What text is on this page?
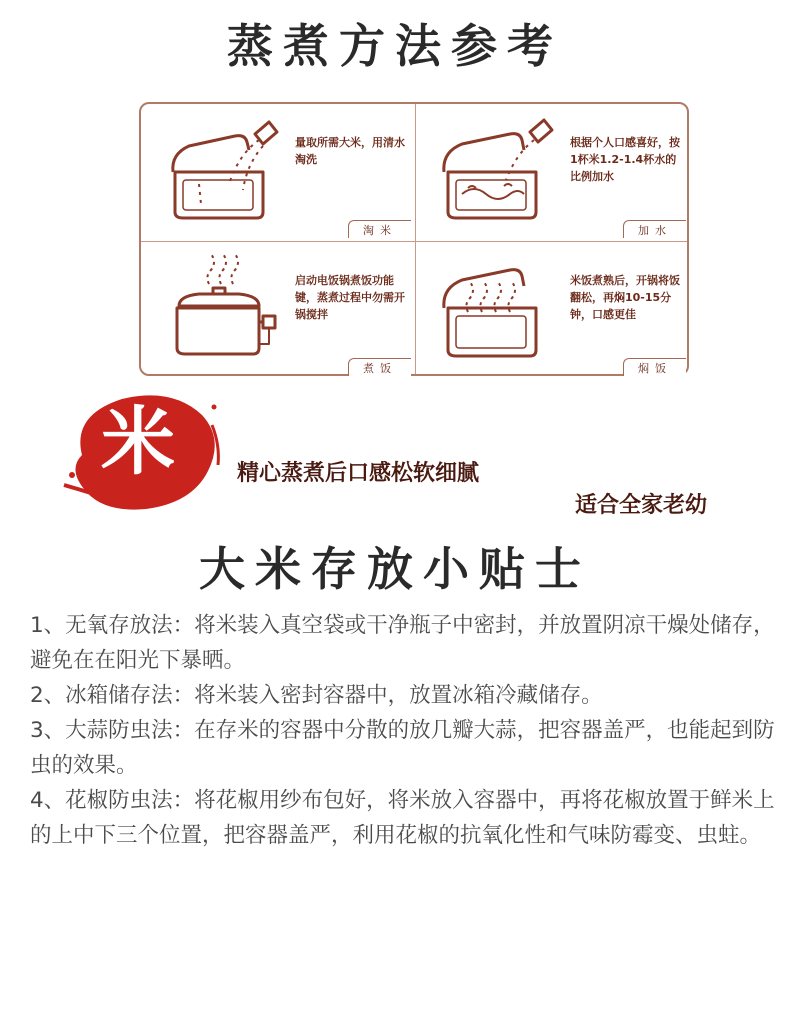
蒸煮方法参考
量取所需大米，用清水淘洗
淘米
根据个人口感喜好，按1杯米1.2-1.4杯水的比例加水
加水
启动电饭锅煮饭功能键，蒸煮过程中勿需开锅搅拌
煮饭
米饭煮熟后，开锅将饭翻松，再焖10-15分钟，口感更佳
焖饭
米	精心蒸煮后口感松软细腻
适合全家老幼
大米存放小贴士

1、无氧存放法：将米装入真空袋或干净瓶子中密封，并放置阴凉干燥处储存，避免在在阳光下暴晒。

2、冰箱储存法：将米装入密封容器中，放置冰箱冷藏储存。

3、大蒜防虫法：在存米的容器中分散的放几瓣大蒜，把容器盖严，也能起到防虫的效果。

4、花椒防虫法：将花椒用纱布包好，将米放入容器中，再将花椒放置于鲜米上的上中下三个位置，把容器盖严，利用花椒的抗氧化性和气味防霉变、虫蛀。
